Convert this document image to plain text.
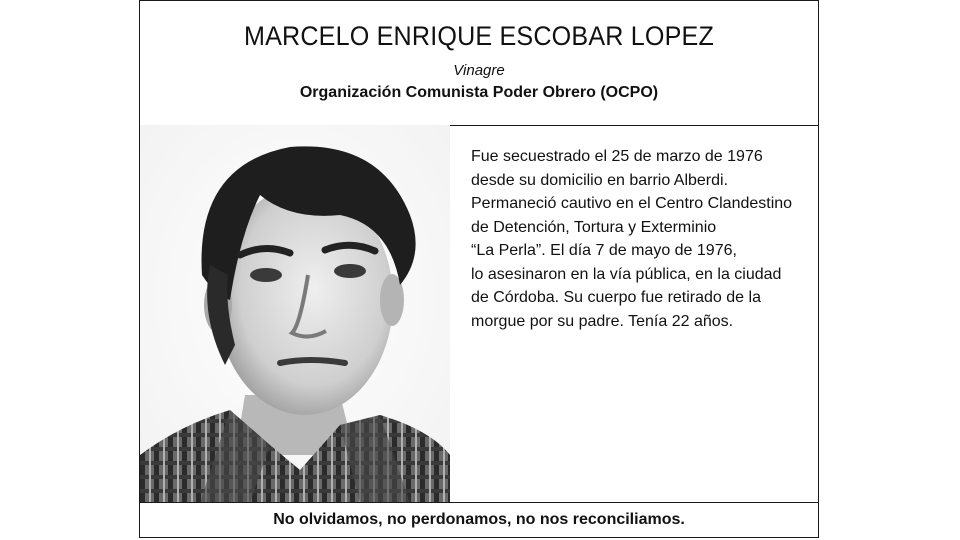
MARCELO ENRIQUE ESCOBAR LOPEZ
Vinagre
Organización Comunista Poder Obrero (OCPO)
Fue secuestrado el 25 de marzo de 1976
desde su domicilio en barrio Alberdi.
Permaneció cautivo en el Centro Clandestino
de Detención, Tortura y Exterminio
“La Perla”. El día 7 de mayo de 1976,
lo asesinaron en la vía pública, en la ciudad
de Córdoba. Su cuerpo fue retirado de la
morgue por su padre. Tenía 22 años.
No olvidamos, no perdonamos, no nos reconciliamos.
